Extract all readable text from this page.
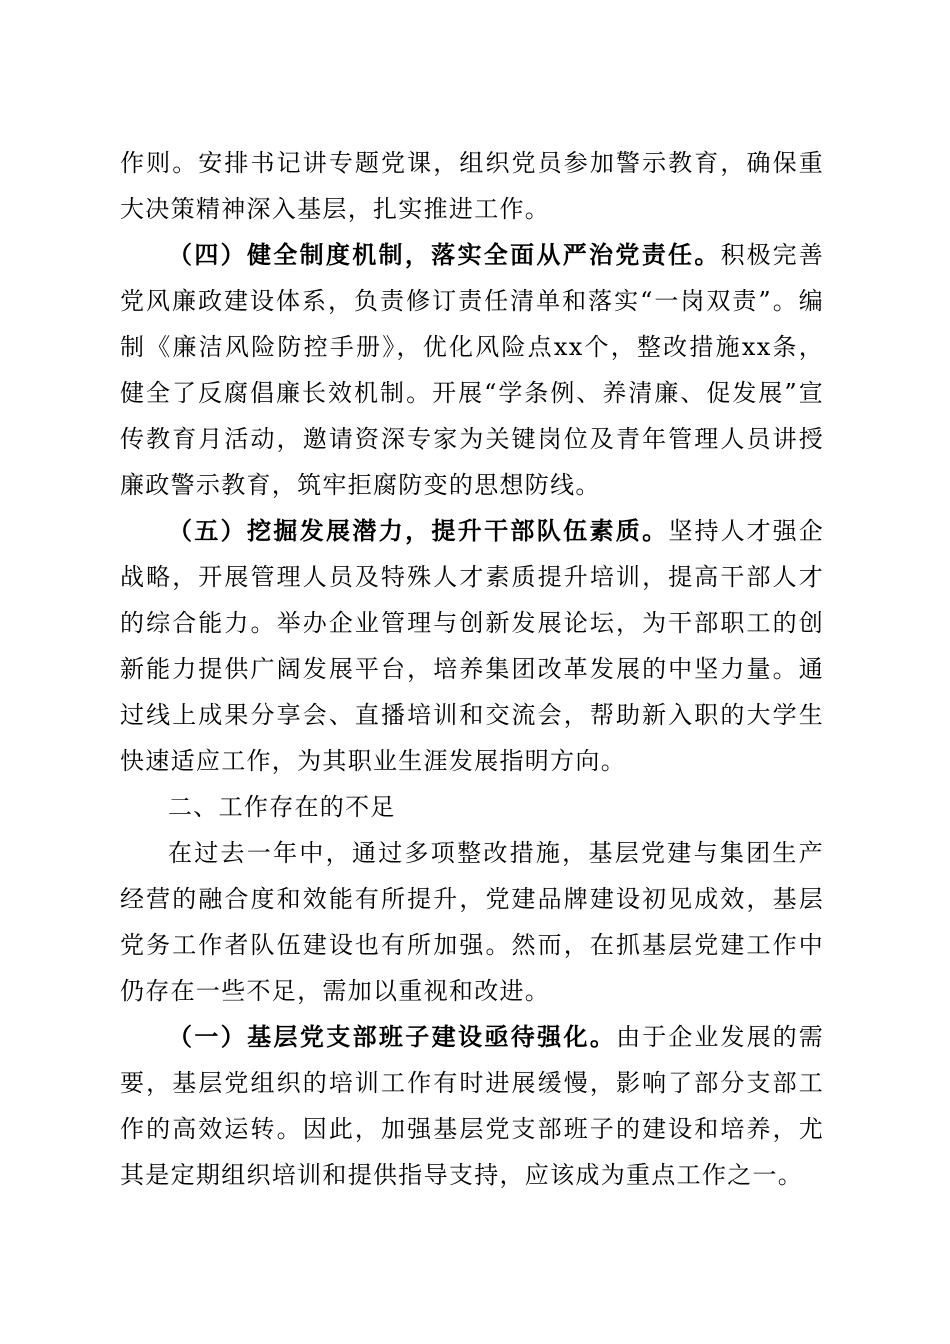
作则。安排书记讲专题党课，组织党员参加警示教育，确保重大决策精神深入基层，扎实推进工作。

（四）健全制度机制，落实全面从严治党责任。积极完善党风廉政建设体系，负责修订责任清单和落实“一岗双责”。编制《廉洁风险防控手册》，优化风险点xx个，整改措施xx条，健全了反腐倡廉长效机制。开展“学条例、养清廉、促发展”宣传教育月活动，邀请资深专家为关键岗位及青年管理人员讲授廉政警示教育，筑牢拒腐防变的思想防线。

（五）挖掘发展潜力，提升干部队伍素质。坚持人才强企战略，开展管理人员及特殊人才素质提升培训，提高干部人才的综合能力。举办企业管理与创新发展论坛，为干部职工的创新能力提供广阔发展平台，培养集团改革发展的中坚力量。通过线上成果分享会、直播培训和交流会，帮助新入职的大学生快速适应工作，为其职业生涯发展指明方向。

二、工作存在的不足

在过去一年中，通过多项整改措施，基层党建与集团生产经营的融合度和效能有所提升，党建品牌建设初见成效，基层党务工作者队伍建设也有所加强。然而，在抓基层党建工作中仍存在一些不足，需加以重视和改进。

（一）基层党支部班子建设亟待强化。由于企业发展的需要，基层党组织的培训工作有时进展缓慢，影响了部分支部工作的高效运转。因此，加强基层党支部班子的建设和培养，尤其是定期组织培训和提供指导支持，应该成为重点工作之一。
